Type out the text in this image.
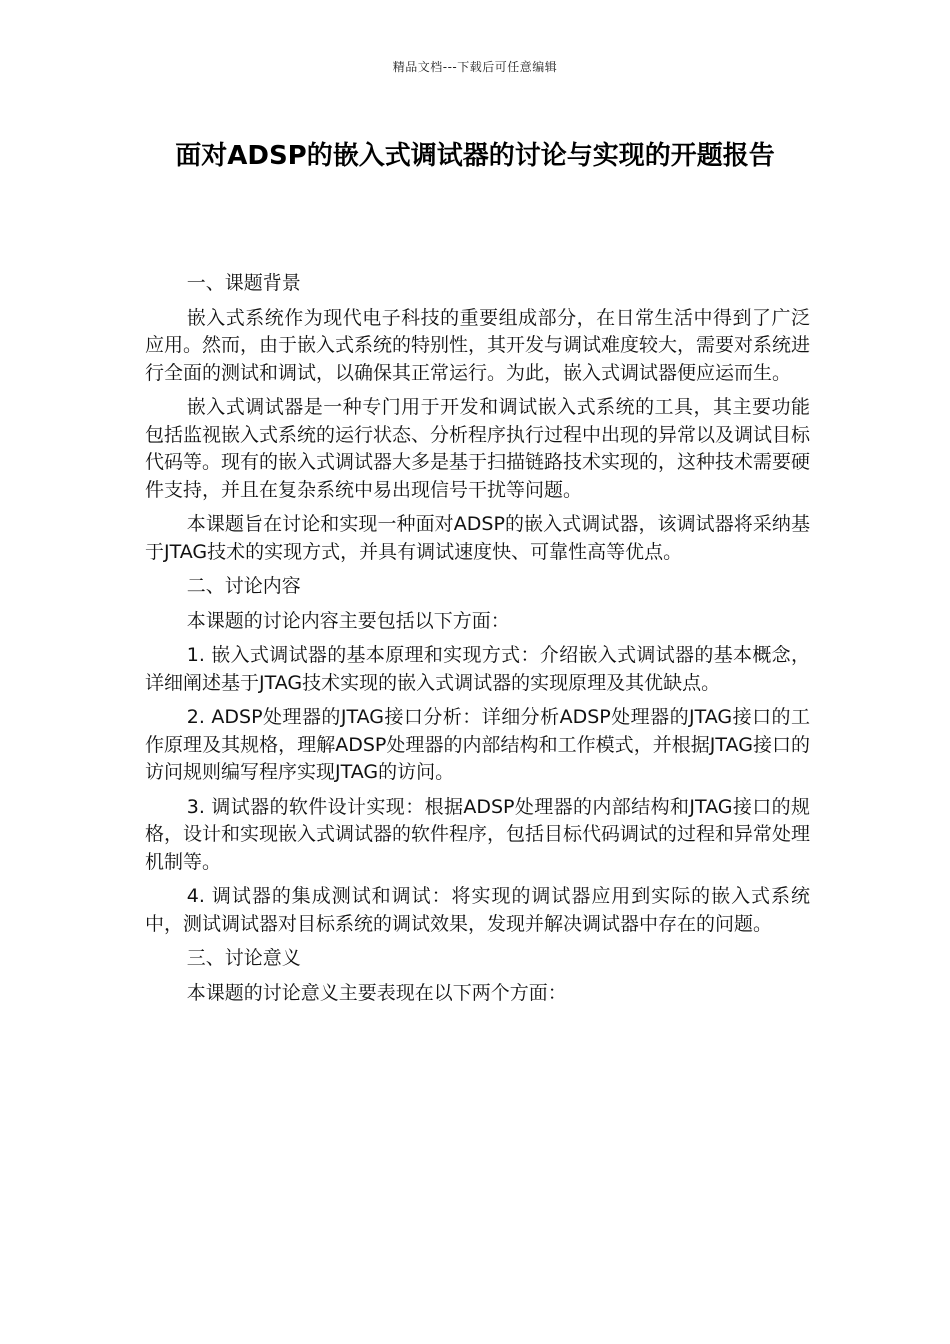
精品文档---下载后可任意编辑
面对ADSP的嵌入式调试器的讨论与实现的开题报告

一、课题背景

嵌入式系统作为现代电子科技的重要组成部分，在日常生活中得到了广泛应用。然而，由于嵌入式系统的特别性，其开发与调试难度较大，需要对系统进行全面的测试和调试，以确保其正常运行。为此，嵌入式调试器便应运而生。

嵌入式调试器是一种专门用于开发和调试嵌入式系统的工具，其主要功能包括监视嵌入式系统的运行状态、分析程序执行过程中出现的异常以及调试目标代码等。现有的嵌入式调试器大多是基于扫描链路技术实现的，这种技术需要硬件支持，并且在复杂系统中易出现信号干扰等问题。

本课题旨在讨论和实现一种面对ADSP的嵌入式调试器，该调试器将采纳基于JTAG技术的实现方式，并具有调试速度快、可靠性高等优点。

二、讨论内容

本课题的讨论内容主要包括以下方面：

1. 嵌入式调试器的基本原理和实现方式：介绍嵌入式调试器的基本概念，详细阐述基于JTAG技术实现的嵌入式调试器的实现原理及其优缺点。

2. ADSP处理器的JTAG接口分析：详细分析ADSP处理器的JTAG接口的工作原理及其规格，理解ADSP处理器的内部结构和工作模式，并根据JTAG接口的访问规则编写程序实现JTAG的访问。

3. 调试器的软件设计实现：根据ADSP处理器的内部结构和JTAG接口的规格，设计和实现嵌入式调试器的软件程序，包括目标代码调试的过程和异常处理机制等。

4. 调试器的集成测试和调试：将实现的调试器应用到实际的嵌入式系统中，测试调试器对目标系统的调试效果，发现并解决调试器中存在的问题。

三、讨论意义

本课题的讨论意义主要表现在以下两个方面：
